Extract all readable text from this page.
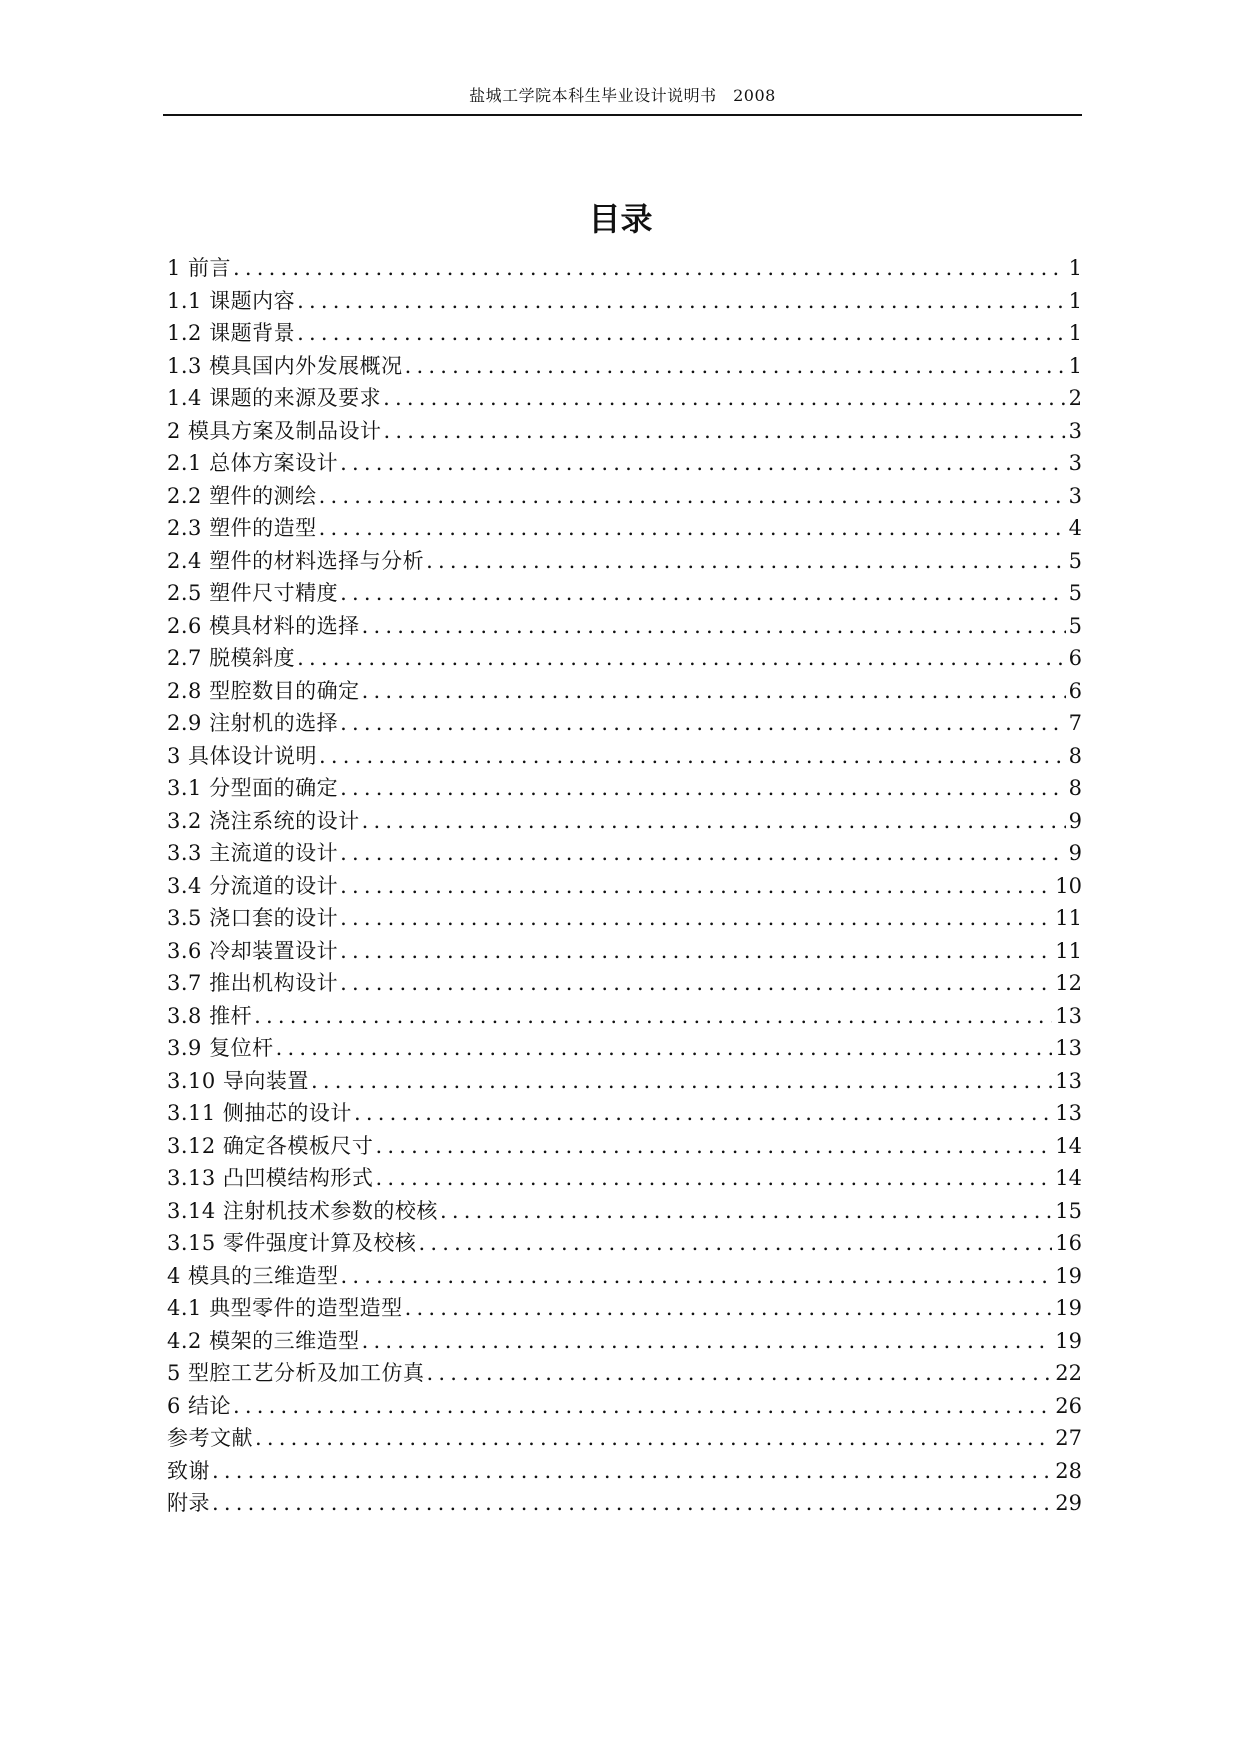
盐城工学院本科生毕业设计说明书　2008
目录
1 前言 .....	1
1.1 课题内容 .....	1
1.2 课题背景 .....	1
1.3 模具国内外发展概况 .....	1
1.4 课题的来源及要求 .....	2
2 模具方案及制品设计 .....	3
2.1 总体方案设计 .....	3
2.2 塑件的测绘 .....	3
2.3 塑件的造型 .....	4
2.4 塑件的材料选择与分析 .....	5
2.5 塑件尺寸精度 .....	5
2.6 模具材料的选择 .....	5
2.7 脱模斜度 .....	6
2.8 型腔数目的确定 .....	6
2.9 注射机的选择 .....	7
3 具体设计说明 .....	8
3.1 分型面的确定 .....	8
3.2 浇注系统的设计 .....	9
3.3 主流道的设计 .....	9
3.4 分流道的设计 .....	10
3.5 浇口套的设计 .....	11
3.6 冷却装置设计 .....	11
3.7 推出机构设计 .....	12
3.8 推杆 .....	13
3.9 复位杆 .....	13
3.10 导向装置 .....	13
3.11 侧抽芯的设计 .....	13
3.12 确定各模板尺寸 .....	14
3.13 凸凹模结构形式 .....	14
3.14 注射机技术参数的校核 .....	15
3.15 零件强度计算及校核 .....	16
4 模具的三维造型 .....	19
4.1 典型零件的造型造型 .....	19
4.2 模架的三维造型 .....	19
5 型腔工艺分析及加工仿真 .....	22
6 结论 .....	26
参考文献 .....	27
致谢 .....	28
附录 .....	29
